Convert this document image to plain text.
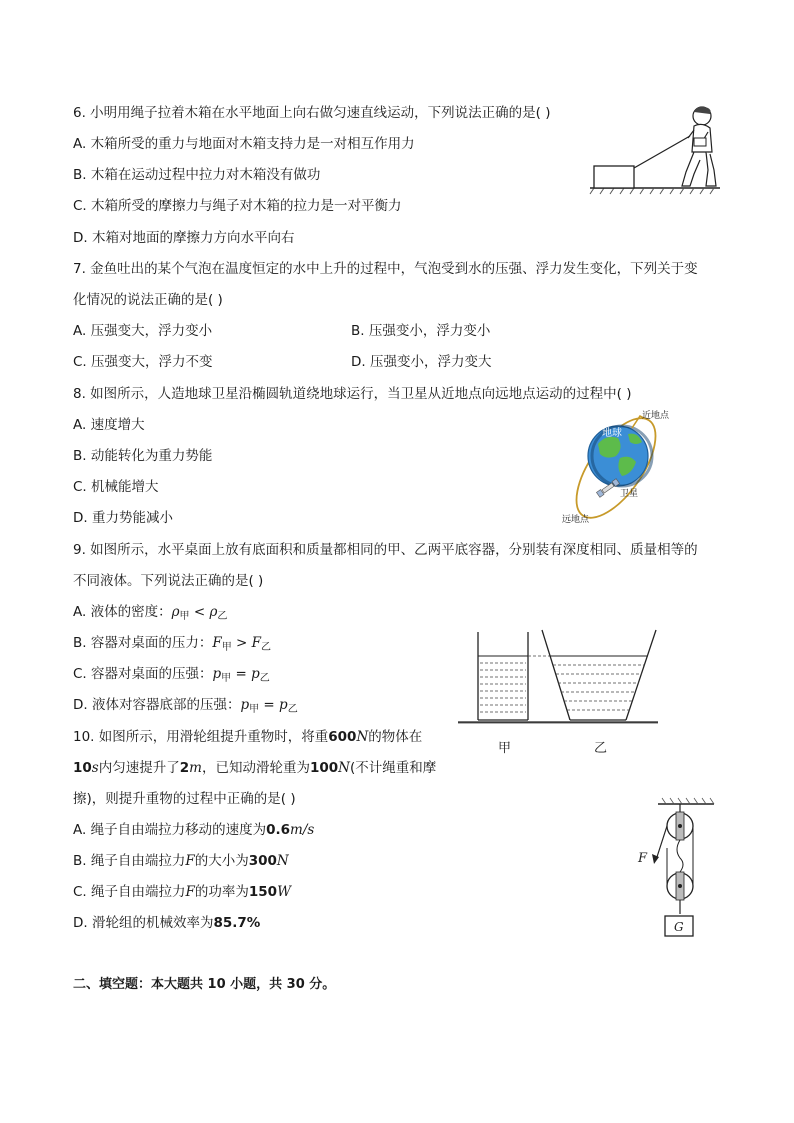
6. 小明用绳子拉着木箱在水平地面上向右做匀速直线运动，下列说法正确的是( )
A. 木箱所受的重力与地面对木箱支持力是一对相互作用力
B. 木箱在运动过程中拉力对木箱没有做功
C. 木箱所受的摩擦力与绳子对木箱的拉力是一对平衡力
D. 木箱对地面的摩擦力方向水平向右
7. 金鱼吐出的某个气泡在温度恒定的水中上升的过程中，气泡受到水的压强、浮力发生变化，下列关于变
化情况的说法正确的是( )
A. 压强变大，浮力变小	B. 压强变小，浮力变小
C. 压强变大，浮力不变	D. 压强变小，浮力变大
8. 如图所示，人造地球卫星沿椭圆轨道绕地球运行，当卫星从近地点向远地点运动的过程中( )
A. 速度增大
B. 动能转化为重力势能
C. 机械能增大
D. 重力势能减小
地球
近地点
卫星
远地点
9. 如图所示，水平桌面上放有底面积和质量都相同的甲、乙两平底容器，分别装有深度相同、质量相等的
不同液体。下列说法正确的是( )
A. 液体的密度：$\rho_甲 < \rho_乙$
B. 容器对桌面的压力：$F_甲 > F_乙$
C. 容器对桌面的压强：$p_甲 = p_乙$
D. 液体对容器底部的压强：$p_甲 = p_乙$
甲	乙
10. 如图所示，用滑轮组提升重物时，将重600N的物体在
10s内匀速提升了2m，已知动滑轮重为100N(不计绳重和摩
擦)，则提升重物的过程中正确的是( )
A. 绳子自由端拉力移动的速度为0.6m/s
B. 绳子自由端拉力F的大小为300N
C. 绳子自由端拉力F的功率为150W
D. 滑轮组的机械效率为85.7%
F
G
二、填空题：本大题共 10 小题，共 30 分。
